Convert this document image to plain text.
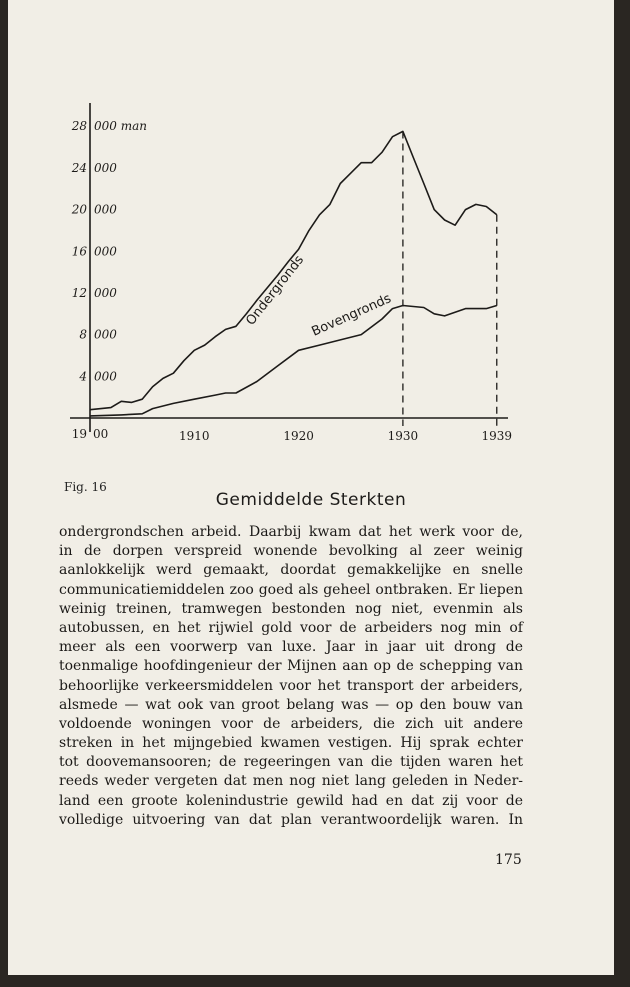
28 000 man
24 000
20 000
16 000
12 000
8 000
4 000
19 00	1910	1920	1930	1939
Ondergronds Bovengronds
Fig. 16
Gemiddelde Sterkten
ondergrondschen arbeid. Daarbij kwam dat het werk voor de,
in de dorpen verspreid wonende bevolking al zeer weinig
aanlokkelijk werd gemaakt, doordat gemakkelijke en snelle
communicatiemiddelen zoo goed als geheel ontbraken. Er liepen
weinig treinen, tramwegen bestonden nog niet, evenmin als
autobussen, en het rijwiel gold voor de arbeiders nog min of
meer als een voorwerp van luxe. Jaar in jaar uit drong de
toenmalige hoofdingenieur der Mijnen aan op de schepping van
behoorlijke verkeersmiddelen voor het transport der arbeiders,
alsmede — wat ook van groot belang was — op den bouw van
voldoende woningen voor de arbeiders, die zich uit andere
streken in het mijngebied kwamen vestigen. Hij sprak echter
tot doovemansooren; de regeeringen van die tijden waren het
reeds weder vergeten dat men nog niet lang geleden in Neder-
land een groote kolenindustrie gewild had en dat zij voor de
volledige uitvoering van dat plan verantwoordelijk waren. In
175
